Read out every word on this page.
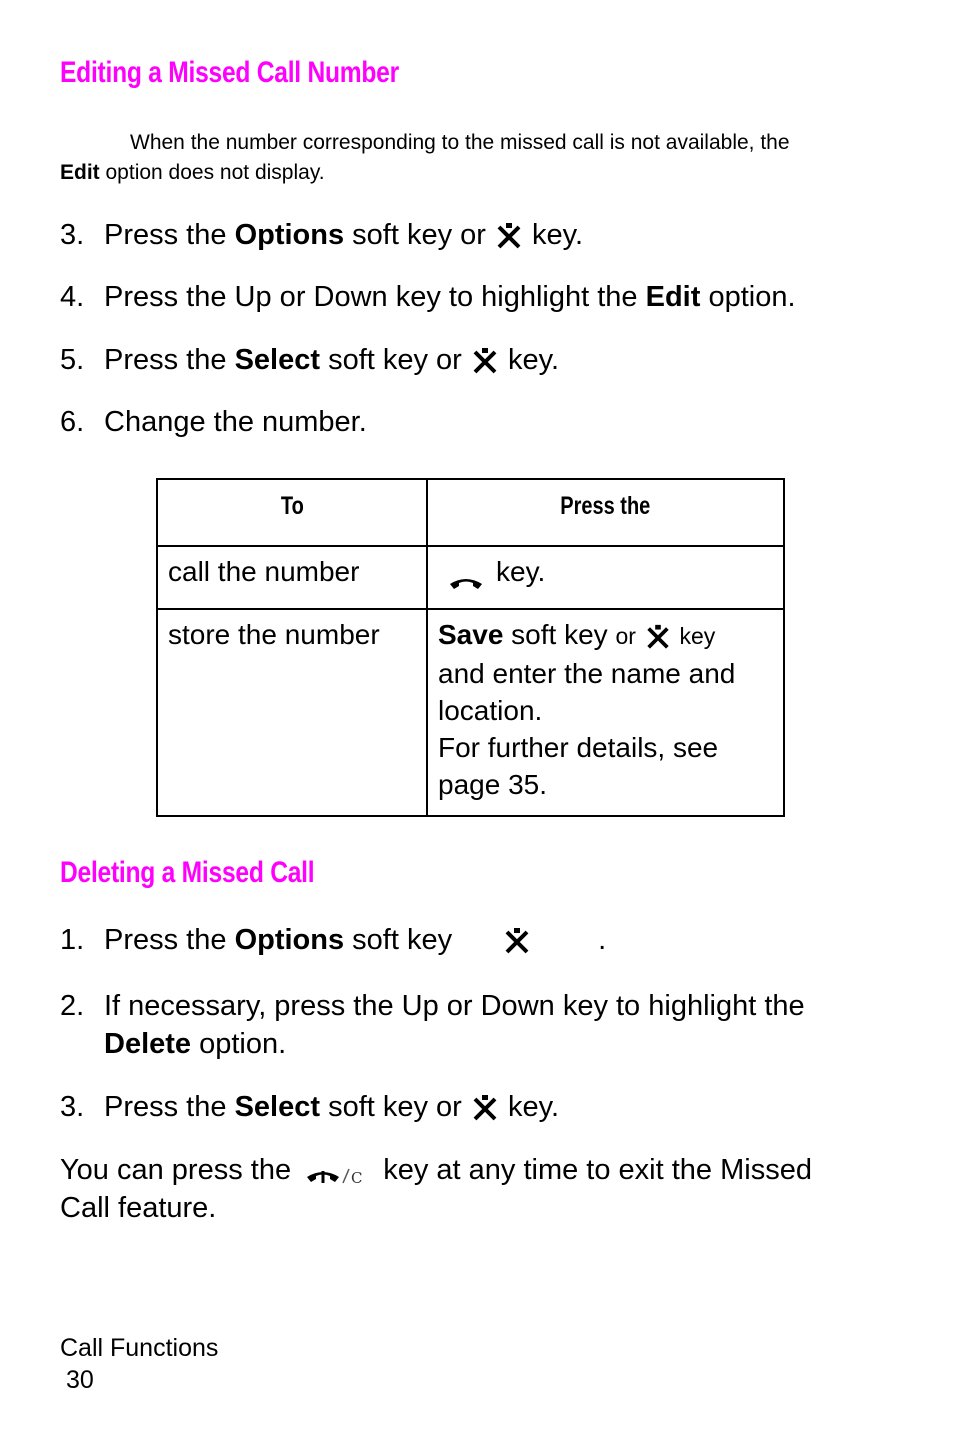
Editing a Missed Call Number
When the number corresponding to the missed call is not available, the
Edit option does not display.
3. Press the Options soft key or
key.
4. Press the Up or Down key to highlight the Edit option.
5. Press the Select soft key or
key.
6. Change the number.
To	Press the

call the number	key.

store the number	Save soft key or key
and enter the name and location.
For further details, see page 35.
Deleting a Missed Call
1. Press the Options soft key	.
2. If necessary, press the Up or Down key to highlight the
Delete option.
3. Press the Select soft key or
key.
You can press the	C key at any time to exit the Missed
Call feature.
Call Functions
30
